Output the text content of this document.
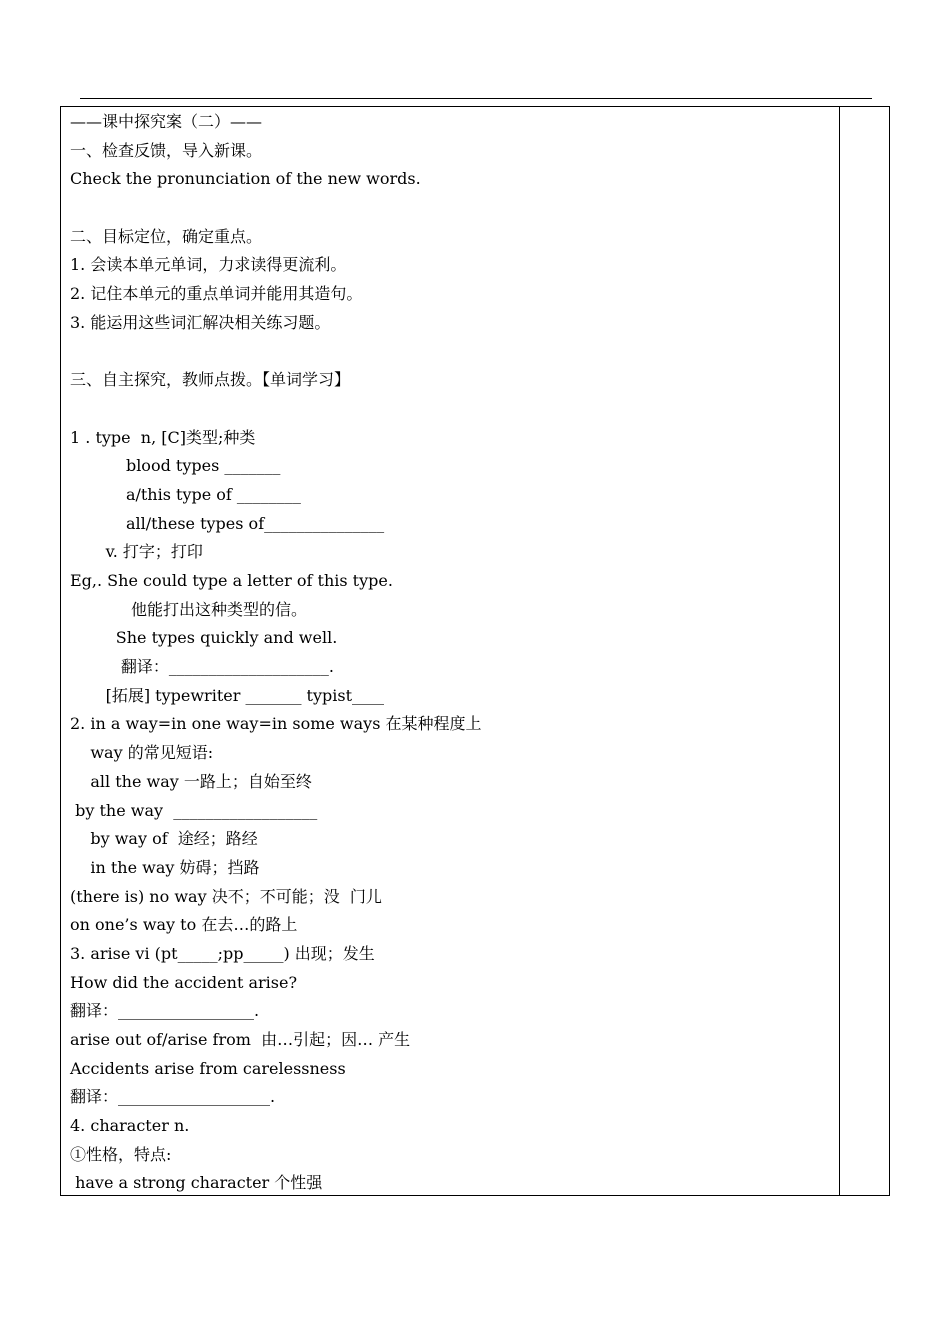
——课中探究案（二）——
一、检查反馈，导入新课。
Check the pronunciation of the new words.
二、目标定位，确定重点。
1. 会读本单元单词，力求读得更流利。
2. 记住本单元的重点单词并能用其造句。
3. 能运用这些词汇解决相关练习题。
三、自主探究，教师点拨。【单词学习】
1 . type  n, [C]类型;种类
blood types _______
a/this type of ________
all/these types of_______________
v. 打字；打印
Eg,. She could type a letter of this type.
他能打出这种类型的信。
She types quickly and well.
翻译：____________________.
[拓展] typewriter _______ typist____
2. in a way=in one way=in some ways 在某种程度上
way 的常见短语:
all the way 一路上；自始至终
by the way  __________________
by way of  途经；路经
in the way 妨碍；挡路
(there is) no way 决不；不可能；没  门儿
on one’s way to 在去…的路上
3. arise vi (pt_____;pp_____) 出现；发生
How did the accident arise?
翻译：_________________.
arise out of/arise from  由…引起；因… 产生
Accidents arise from carelessness
翻译：___________________.
4. character n.
①性格，特点:
have a strong character 个性强
